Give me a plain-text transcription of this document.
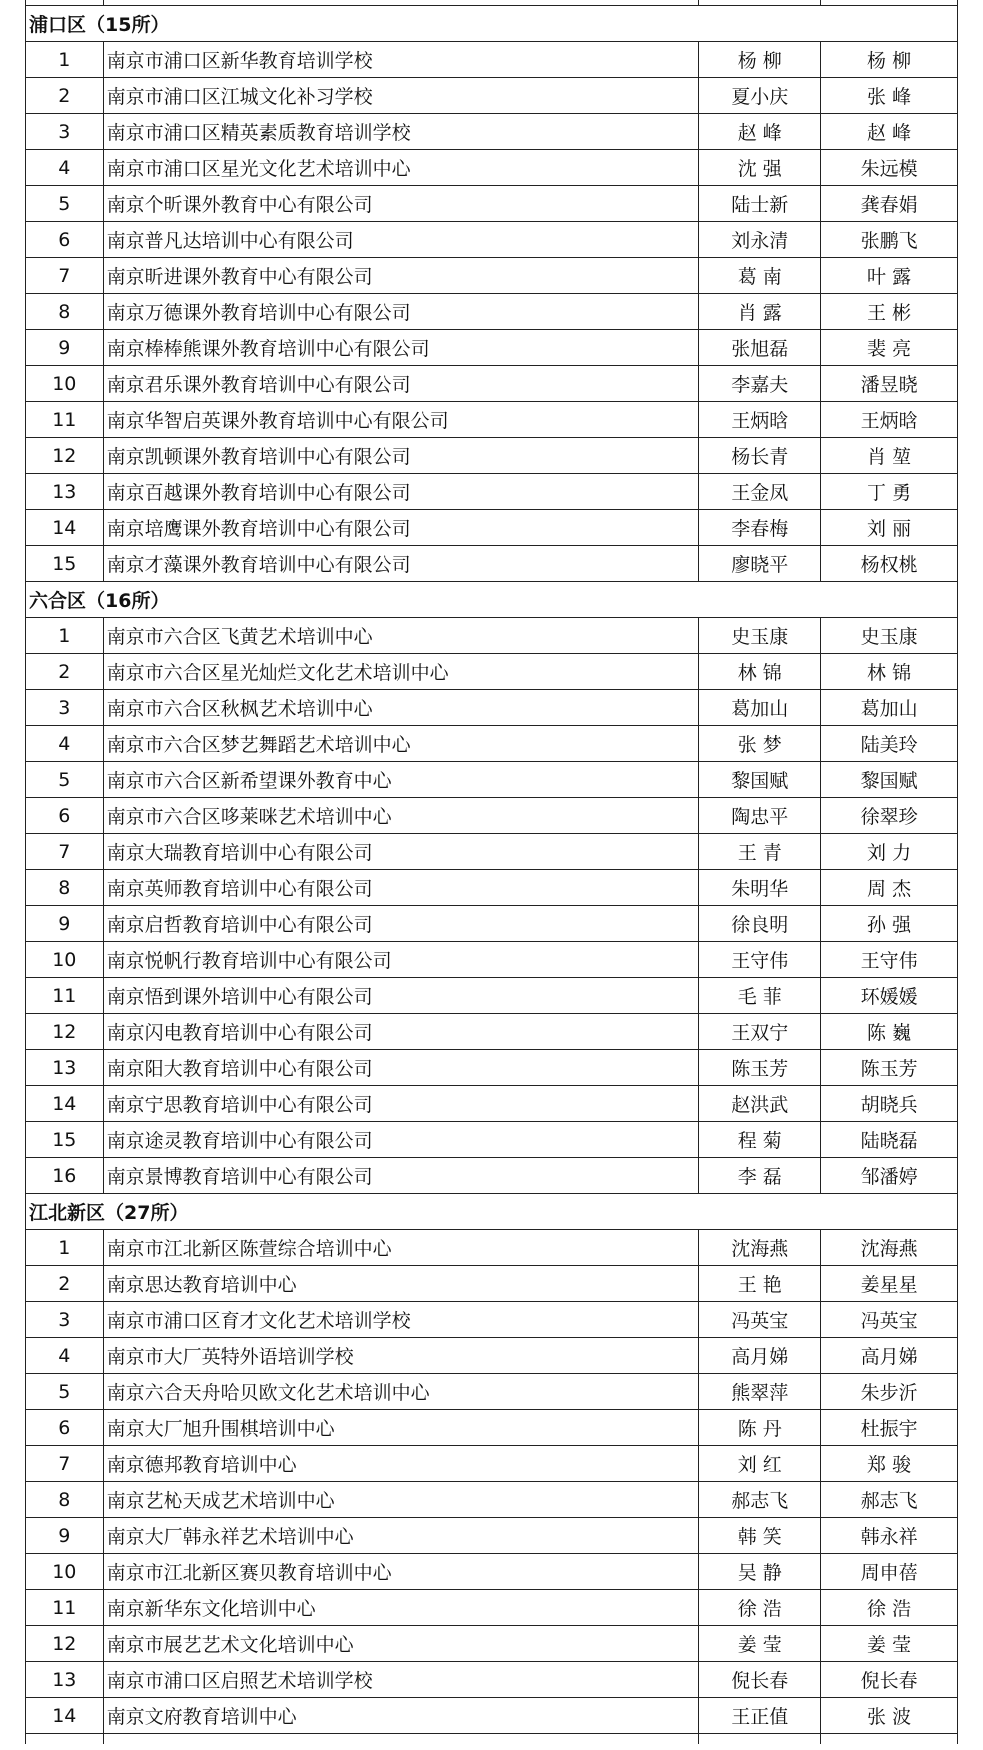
浦口区（15所）			
1	南京市浦口区新华教育培训学校	杨 柳	杨 柳
2	南京市浦口区江城文化补习学校	夏小庆	张 峰
3	南京市浦口区精英素质教育培训学校	赵 峰	赵 峰
4	南京市浦口区星光文化艺术培训中心	沈 强	朱远模
5	南京个昕课外教育中心有限公司	陆士新	龚春娟
6	南京普凡达培训中心有限公司	刘永清	张鹏飞
7	南京昕进课外教育中心有限公司	葛 南	叶 露
8	南京万德课外教育培训中心有限公司	肖 露	王 彬
9	南京棒棒熊课外教育培训中心有限公司	张旭磊	裴 亮
10	南京君乐课外教育培训中心有限公司	李嘉夫	潘昱晓
11	南京华智启英课外教育培训中心有限公司	王炳晗	王炳晗
12	南京凯顿课外教育培训中心有限公司	杨长青	肖 堃
13	南京百越课外教育培训中心有限公司	王金凤	丁 勇
14	南京培鹰课外教育培训中心有限公司	李春梅	刘 丽
15	南京才藻课外教育培训中心有限公司	廖晓平	杨权桃
六合区（16所）			
1	南京市六合区飞黄艺术培训中心	史玉康	史玉康
2	南京市六合区星光灿烂文化艺术培训中心	林 锦	林 锦
3	南京市六合区秋枫艺术培训中心	葛加山	葛加山
4	南京市六合区梦艺舞蹈艺术培训中心	张 梦	陆美玲
5	南京市六合区新希望课外教育中心	黎国赋	黎国赋
6	南京市六合区哆莱咪艺术培训中心	陶忠平	徐翠珍
7	南京大瑞教育培训中心有限公司	王 青	刘 力
8	南京英师教育培训中心有限公司	朱明华	周 杰
9	南京启哲教育培训中心有限公司	徐良明	孙 强
10	南京悦帆行教育培训中心有限公司	王守伟	王守伟
11	南京悟到课外培训中心有限公司	毛 菲	环媛媛
12	南京闪电教育培训中心有限公司	王双宁	陈 巍
13	南京阳大教育培训中心有限公司	陈玉芳	陈玉芳
14	南京宁思教育培训中心有限公司	赵洪武	胡晓兵
15	南京途灵教育培训中心有限公司	程 菊	陆晓磊
16	南京景博教育培训中心有限公司	李 磊	邹潘婷
江北新区（27所）			
1	南京市江北新区陈萱综合培训中心	沈海燕	沈海燕
2	南京思达教育培训中心	王 艳	姜星星
3	南京市浦口区育才文化艺术培训学校	冯英宝	冯英宝
4	南京市大厂英特外语培训学校	高月娣	高月娣
5	南京六合天舟哈贝欧文化艺术培训中心	熊翠萍	朱步沂
6	南京大厂旭升围棋培训中心	陈 丹	杜振宇
7	南京德邦教育培训中心	刘 红	郑 骏
8	南京艺杺天成艺术培训中心	郝志飞	郝志飞
9	南京大厂韩永祥艺术培训中心	韩 笑	韩永祥
10	南京市江北新区赛贝教育培训中心	吴 静	周申蓓
11	南京新华东文化培训中心	徐 浩	徐 浩
12	南京市展艺艺术文化培训中心	姜 莹	姜 莹
13	南京市浦口区启照艺术培训学校	倪长春	倪长春
14	南京文府教育培训中心	王正值	张 波
